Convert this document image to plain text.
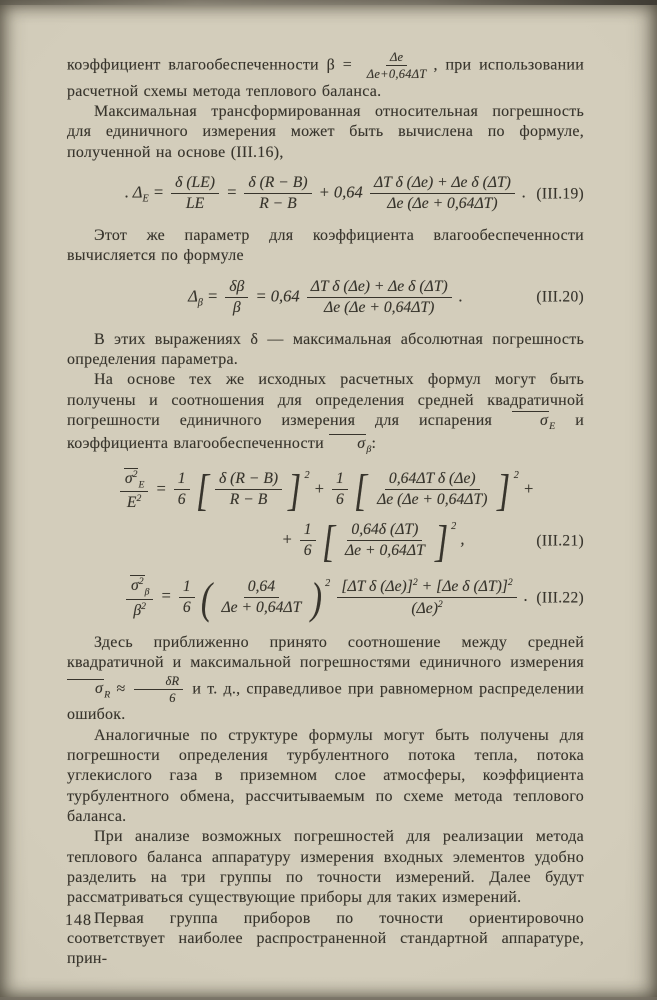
коэффициент влагообеспеченности $\beta = \frac{\Delta e}{\Delta e+0,64\Delta T}$ , при использовании расчетной схемы метода теплового баланса.

Максимальная трансформированная относительная погрешность для единичного измерения может быть вычислена по формуле, полученной на основе (III.16),

. $\Delta_E = \frac{\delta (LE)}{LE} = \frac{\delta (R - B)}{R - B} + 0,64 \frac{\text{ΔT δ (Δe) + Δe δ (ΔT)}}{\Delta e (\Delta e + 0,64\Delta T)}$ . (III.19)

Этот же параметр для коэффициента влагообеспеченности вычисляется по формуле

$\Delta_\beta = \frac{\delta\beta}{\beta} = 0,64 \frac{\text{ΔT δ (Δe) + Δe δ (ΔT)}}{\Delta e (\Delta e + 0,64\Delta T)}$ .	(III.20)

В этих выражениях δ — максимальная абсолютная погрешность определения параметра.

На основе тех же исходных расчетных формул могут быть получены и соотношения для определения средней квадратичной погрешности единичного измерения для испарения $\sigma_E$ и коэффициента влагообеспеченности $\sigma_\beta$:

$\frac{\sigma^2_E}{E^2} = \frac{1}{6}$ [ $\frac{\delta (R - B)}{R - B}$ ] $^2 + \frac{1}{6}$ [ $\frac{\text{0,64ΔT δ (Δe)}}{\Delta e (\Delta e + 0,64\Delta T)}$ ] $^2$ +
+ $\frac{1}{6}$ [ $\frac{0,64\delta (\Delta T)}{\Delta e + 0,64\Delta T}$ ] $^2$ ,	(III.21)
$\frac{\sigma^2_\beta}{\beta^2} = \frac{1}{6}$ ( $\frac{0,64}{\Delta e + 0,64\Delta T}$ ) $^2 \frac{[\Delta T \delta (\Delta e)]^2 + [\Delta e \delta (\Delta T)]^2}{(\Delta e)^2}$ . (III.22)

Здесь приближенно принято соотношение между средней квадратичной и максимальной погрешностями единичного измерения $\sigma_R \approx \frac{\delta R}{6}$ и т. д., справедливое при равномерном распределении ошибок.

Аналогичные по структуре формулы могут быть получены для погрешности определения турбулентного потока тепла, потока углекислого газа в приземном слое атмосферы, коэффициента турбулентного обмена, рассчитываемым по схеме метода теплового баланса.

При анализе возможных погрешностей для реализации метода теплового баланса аппаратуру измерения входных элементов удобно разделить на три группы по точности измерений. Далее будут рассматриваться существующие приборы для таких измерений.

Первая группа приборов по точности ориентировочно соответствует наиболее распространенной стандартной аппаратуре, прин-

148
